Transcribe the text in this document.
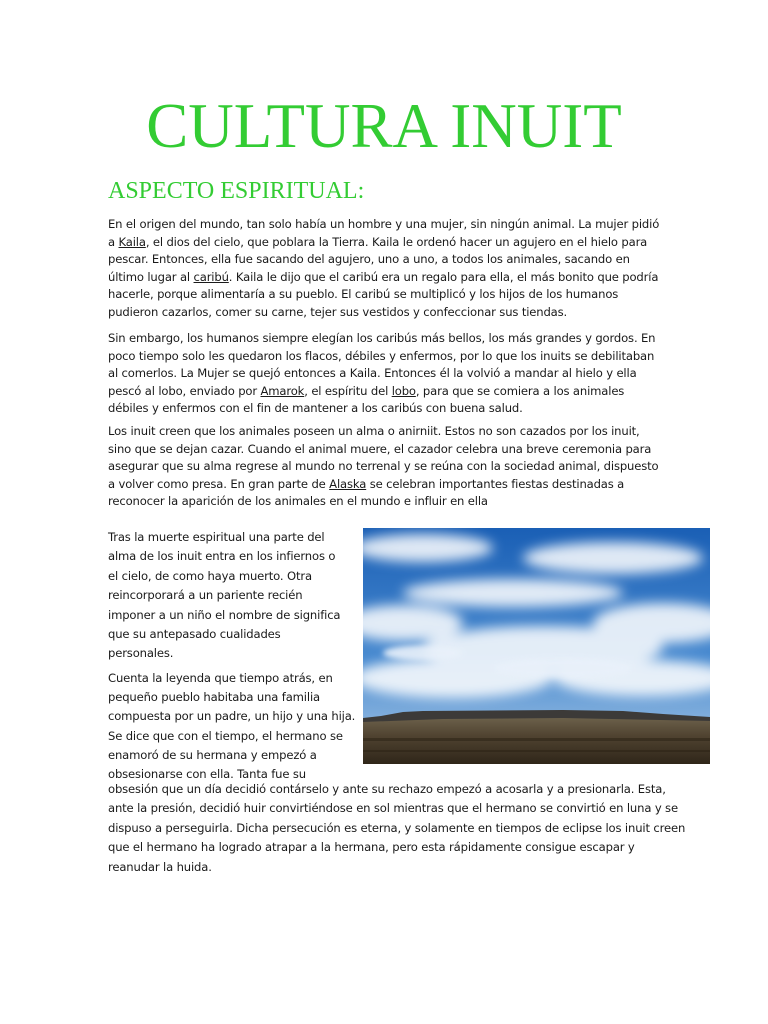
CULTURA INUIT
ASPECTO ESPIRITUAL:

En el origen del mundo, tan solo había un hombre y una mujer, sin ningún animal. La mujer pidió a Kaila, el dios del cielo, que poblara la Tierra. Kaila le ordenó hacer un agujero en el hielo para pescar. Entonces, ella fue sacando del agujero, uno a uno, a todos los animales, sacando en último lugar al caribú. Kaila le dijo que el caribú era un regalo para ella, el más bonito que podría hacerle, porque alimentaría a su pueblo. El caribú se multiplicó y los hijos de los humanos pudieron cazarlos, comer su carne, tejer sus vestidos y confeccionar sus tiendas.

Sin embargo, los humanos siempre elegían los caribús más bellos, los más grandes y gordos. En poco tiempo solo les quedaron los flacos, débiles y enfermos, por lo que los inuits se debilitaban al comerlos. La Mujer se quejó entonces a Kaila. Entonces él la volvió a mandar al hielo y ella pescó al lobo, enviado por Amarok, el espíritu del lobo, para que se comiera a los animales débiles y enfermos con el fin de mantener a los caribús con buena salud.

Los inuit creen que los animales poseen un alma o anirniit. Estos no son cazados por los inuit, sino que se dejan cazar. Cuando el animal muere, el cazador celebra una breve ceremonia para asegurar que su alma regrese al mundo no terrenal y se reúna con la sociedad animal, dispuesto a volver como presa. En gran parte de Alaska se celebran importantes fiestas destinadas a reconocer la aparición de los animales en el mundo e influir en ella

Tras la muerte espiritual una parte del alma de los inuit entra en los infiernos o el cielo, de como haya muerto. Otra reincorporará a un pariente recién imponer a un niño el nombre de significa que su antepasado cualidades personales.

Cuenta la leyenda que tiempo atrás, en pequeño pueblo habitaba una familia compuesta por un padre, un hijo y una hija. Se dice que con el tiempo, el hermano se enamoró de su hermana y empezó a obsesionarse con ella. Tanta fue su

obsesión que un día decidió contárselo y ante su rechazo empezó a acosarla y a presionarla. Esta, ante la presión, decidió huir convirtiéndose en sol mientras que el hermano se convirtió en luna y se dispuso a perseguirla. Dicha persecución es eterna, y solamente en tiempos de eclipse los inuit creen que el hermano ha logrado atrapar a la hermana, pero esta rápidamente consigue escapar y reanudar la huida.
